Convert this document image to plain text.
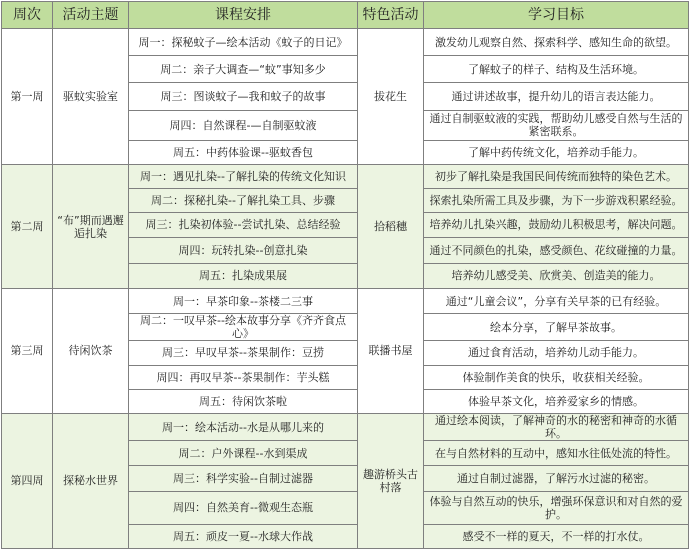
周次	活动主题	课程安排	特色活动	学习目标
第一周	驱蚊实验室	周一：探秘蚊子—绘本活动《蚊子的日记》	拔花生	激发幼儿观察自然、探索科学、感知生命的欲望。
		周二：亲子大调查—“蚊”事知多少		了解蚊子的样子、结构及生活环境。
		周三：图谈蚊子—我和蚊子的故事		通过讲述故事，提升幼儿的语言表达能力。
		周四：自然课程-—自制驱蚊液		通过自制驱蚊液的实践，帮助幼儿感受自然与生活的紧密联系。
		周五：中药体验课--驱蚊香包		了解中药传统文化，培养动手能力。
第二周	“布”期而遇邂逅扎染	周一：遇见扎染--了解扎染的传统文化知识	拾稻穗	初步了解扎染是我国民间传统而独特的染色艺术。
		周二：探秘扎染--了解扎染工具、步骤		探索扎染所需工具及步骤，为下一步游戏积累经验。
		周三：扎染初体验--尝试扎染、总结经验		培养幼儿扎染兴趣，鼓励幼儿积极思考，解决问题。
		周四：玩转扎染--创意扎染		通过不同颜色的扎染，感受颜色、花纹碰撞的力量。
		周五：扎染成果展		培养幼儿感受美、欣赏美、创造美的能力。
第三周	待闲饮茶	周一：早茶印象--茶楼二三事	联播书屋	通过“儿童会议”，分享有关早茶的已有经验。
		周二：一叹早茶--绘本故事分享《齐齐食点心》		绘本分享，了解早茶故事。
		周三：早叹早茶--茶果制作：豆捞		通过食育活动，培养幼儿动手能力。
		周四：再叹早茶--茶果制作：芋头糕		体验制作美食的快乐，收获相关经验。
		周五：待闲饮茶啦		体验早茶文化，培养爱家乡的情感。
第四周	探秘水世界	周一：绘本活动--水是从哪儿来的	趣游桥头古村落	通过绘本阅读，了解神奇的水的秘密和神奇的水循环。
		周二：户外课程--水到渠成		在与自然材料的互动中，感知水往低处流的特性。
		周三：科学实验--自制过滤器		通过自制过滤器，了解污水过滤的秘密。
		周四：自然美育--微观生态瓶		体验与自然互动的快乐，增强环保意识和对自然的爱护。
		周五：顽皮一夏--水球大作战		感受不一样的夏天，不一样的打水仗。
